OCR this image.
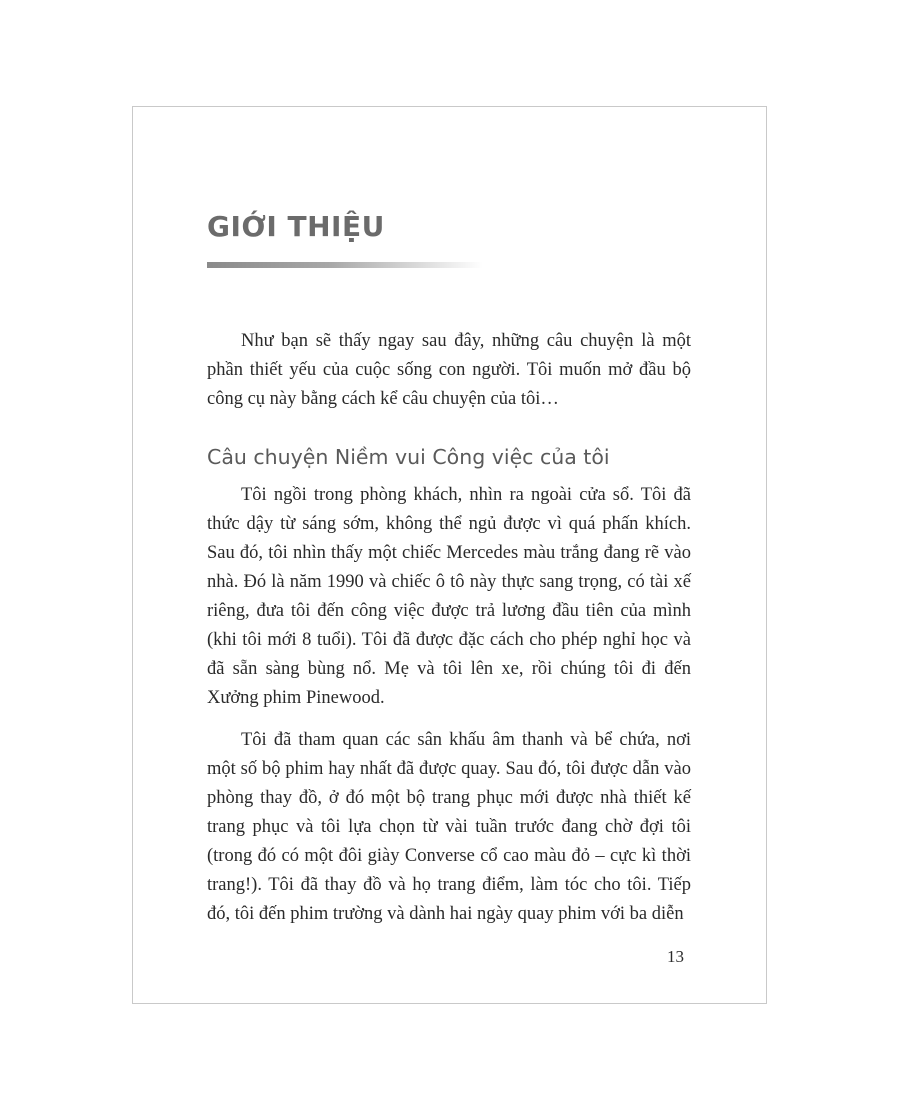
GIỚI THIỆU

Như bạn sẽ thấy ngay sau đây, những câu chuyện là một phần thiết yếu của cuộc sống con người. Tôi muốn mở đầu bộ công cụ này bằng cách kể câu chuyện của tôi…

Câu chuyện Niềm vui Công việc của tôi

Tôi ngồi trong phòng khách, nhìn ra ngoài cửa sổ. Tôi đã thức dậy từ sáng sớm, không thể ngủ được vì quá phấn khích. Sau đó, tôi nhìn thấy một chiếc Mercedes màu trắng đang rẽ vào nhà. Đó là năm 1990 và chiếc ô tô này thực sang trọng, có tài xế riêng, đưa tôi đến công việc được trả lương đầu tiên của mình (khi tôi mới 8 tuổi). Tôi đã được đặc cách cho phép nghỉ học và đã sẵn sàng bùng nổ. Mẹ và tôi lên xe, rồi chúng tôi đi đến Xưởng phim Pinewood.

Tôi đã tham quan các sân khấu âm thanh và bể chứa, nơi một số bộ phim hay nhất đã được quay. Sau đó, tôi được dẫn vào phòng thay đồ, ở đó một bộ trang phục mới được nhà thiết kế trang phục và tôi lựa chọn từ vài tuần trước đang chờ đợi tôi (trong đó có một đôi giày Converse cổ cao màu đỏ – cực kì thời trang!). Tôi đã thay đồ và họ trang điểm, làm tóc cho tôi. Tiếp đó, tôi đến phim trường và dành hai ngày quay phim với ba diễn

13
